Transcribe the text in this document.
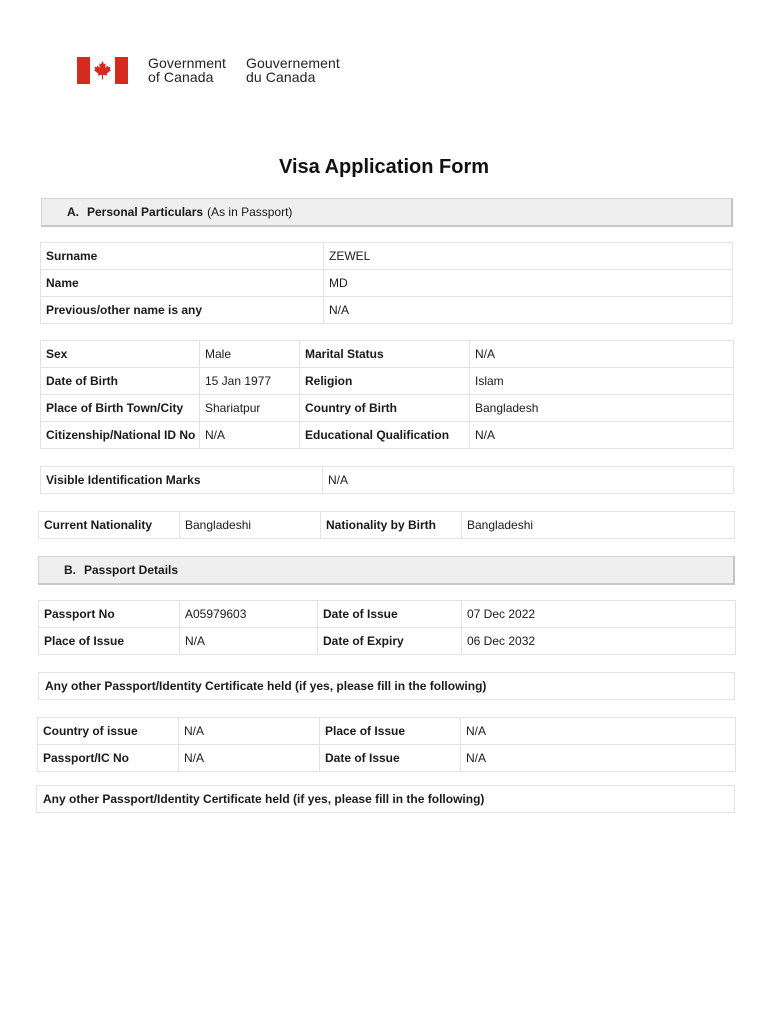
Government
of Canada
Gouvernement
du Canada
Visa Application Form
A. Personal Particulars (As in Passport)
Surname	ZEWEL
Name	MD
Previous/other name is any	N/A
Sex	Male	Marital Status	N/A
Date of Birth	15 Jan 1977	Religion	Islam
Place of Birth Town/City	Shariatpur	Country of Birth	Bangladesh
Citizenship/National ID No	N/A	Educational Qualification	N/A
Visible Identification Marks	N/A
Current Nationality	Bangladeshi	Nationality by Birth	Bangladeshi
B. Passport Details
Passport No	A05979603	Date of Issue	07 Dec 2022
Place of Issue	N/A	Date of Expiry	06 Dec 2032
Any other Passport/Identity Certificate held (if yes, please fill in the following)
Country of issue	N/A	Place of Issue	N/A
Passport/IC No	N/A	Date of Issue	N/A
Any other Passport/Identity Certificate held (if yes, please fill in the following)
